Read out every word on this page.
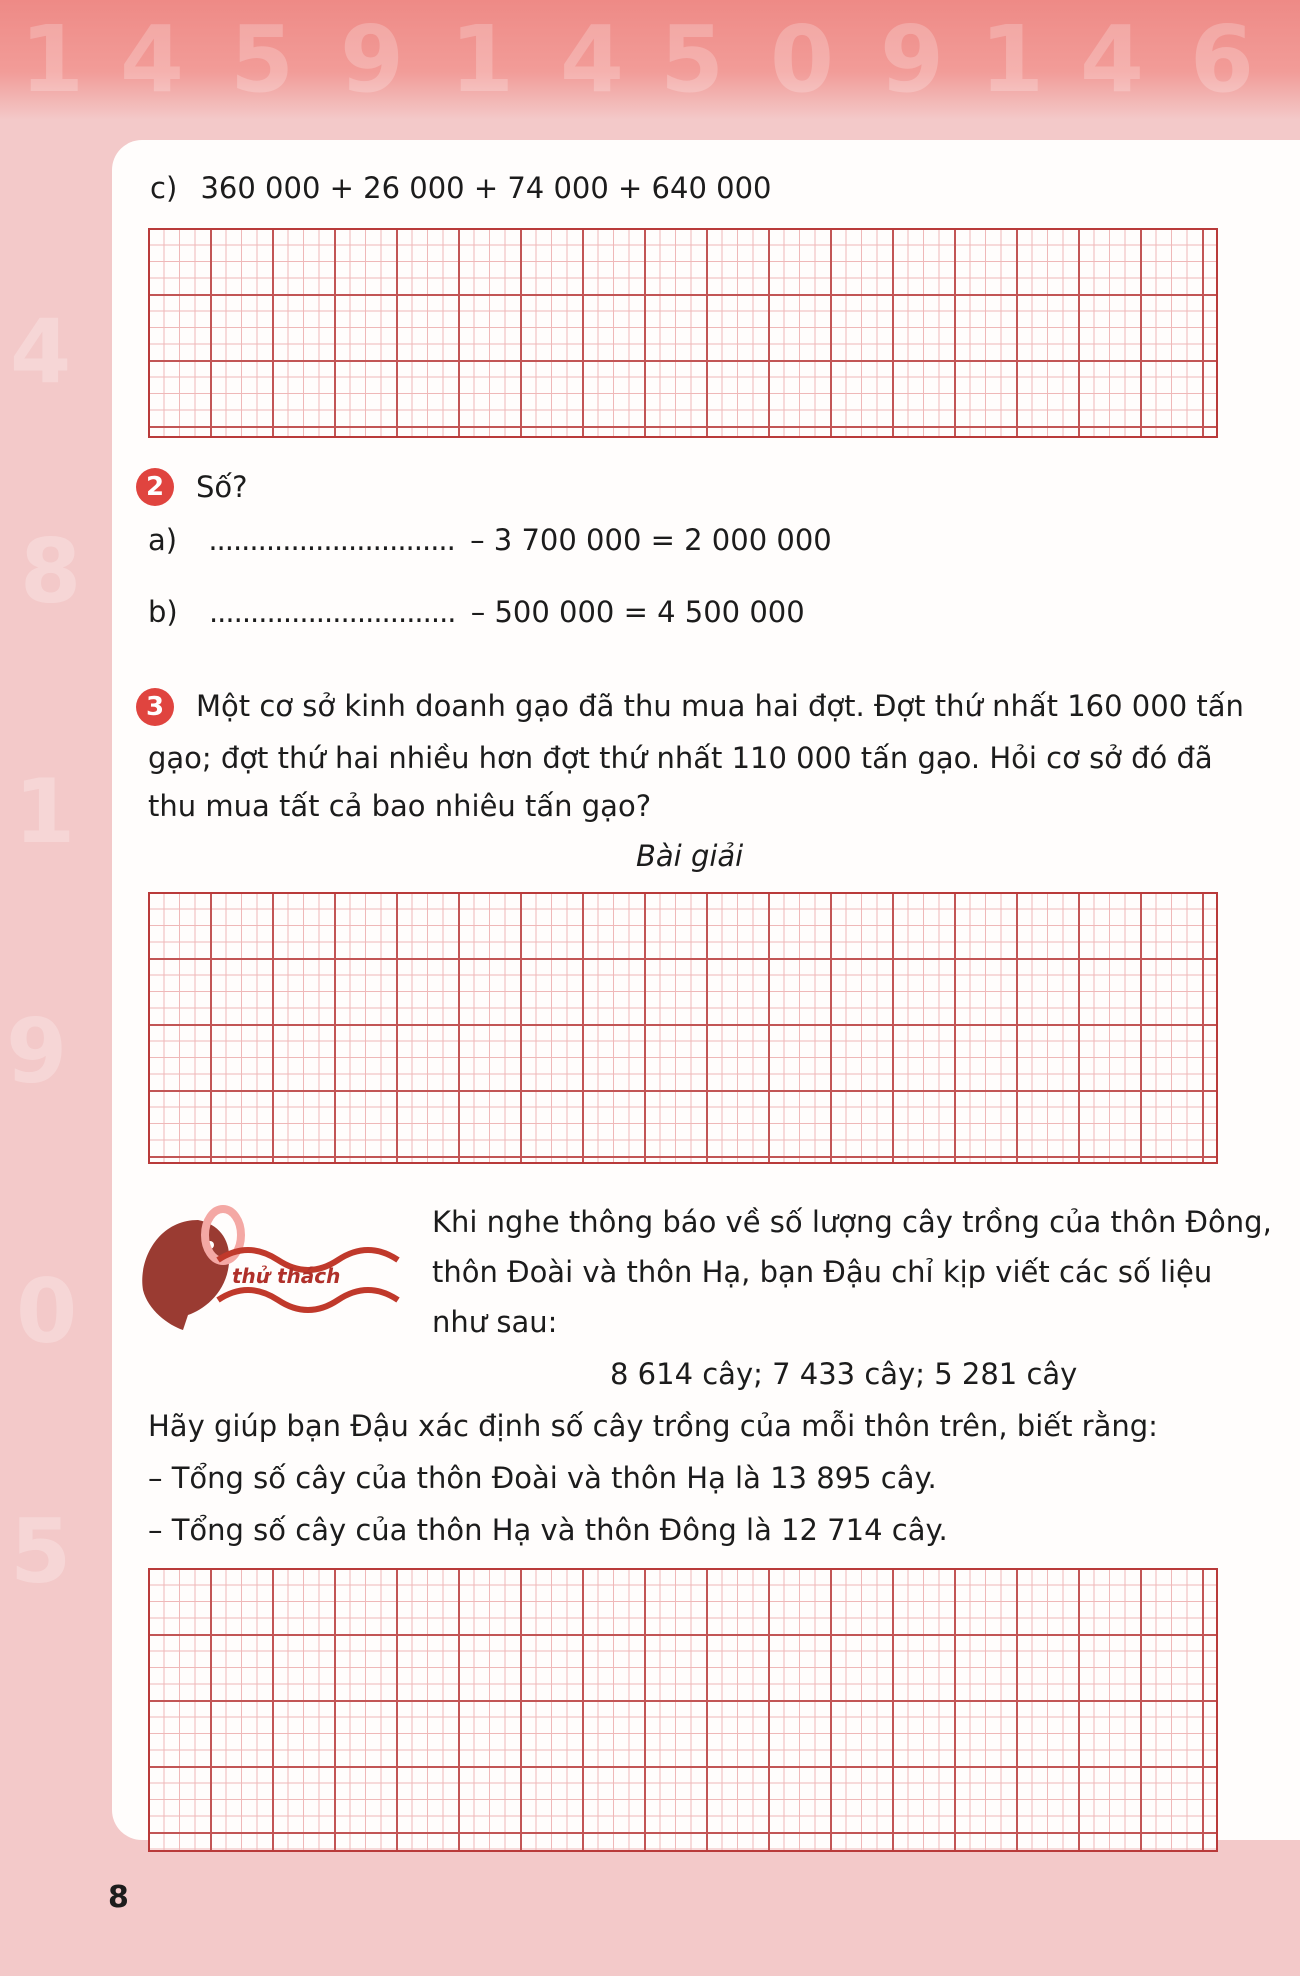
1 4 5 9 1 4 5 0 9 1 4 6
4
8
1
9
0
5
c) 360 000 + 26 000 + 74 000 + 640 000
2	Số?
a) .............................. – 3 700 000 = 2 000 000
b) .............................. – 500 000 = 4 500 000
3	Một cơ sở kinh doanh gạo đã thu mua hai đợt. Đợt thứ nhất 160 000 tấn
gạo; đợt thứ hai nhiều hơn đợt thứ nhất 110 000 tấn gạo. Hỏi cơ sở đó đã
thu mua tất cả bao nhiêu tấn gạo?
Bài giải
thử thách
Khi nghe thông báo về số lượng cây trồng của thôn Đông,
thôn Đoài và thôn Hạ, bạn Đậu chỉ kịp viết các số liệu
như sau:
8 614 cây; 7 433 cây; 5 281 cây
Hãy giúp bạn Đậu xác định số cây trồng của mỗi thôn trên, biết rằng:
– Tổng số cây của thôn Đoài và thôn Hạ là 13 895 cây.
– Tổng số cây của thôn Hạ và thôn Đông là 12 714 cây.
8
